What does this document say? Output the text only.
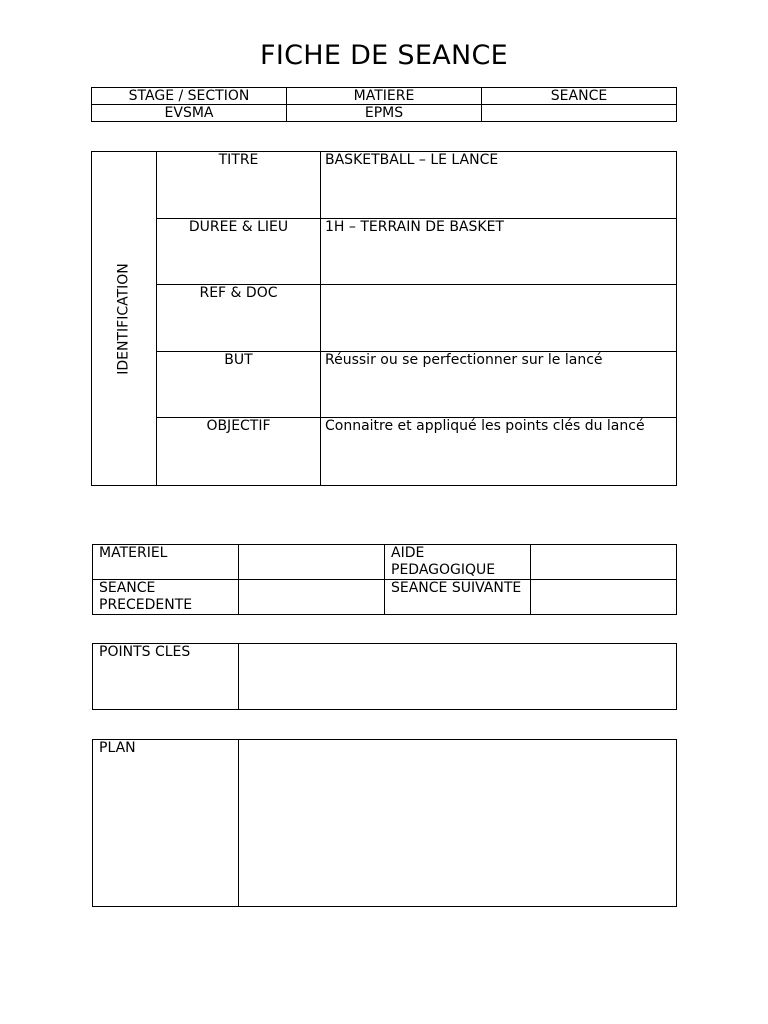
FICHE DE SEANCE
STAGE / SECTION	MATIERE	SEANCE
EVSMA	EPMS	
IDENTIFICATION	TITRE	BASKETBALL – LE LANCE
	DUREE & LIEU	1H – TERRAIN DE BASKET
	REF & DOC	
	BUT	Réussir ou se perfectionner sur le lancé
	OBJECTIF	Connaitre et appliqué les points clés du lancé
MATERIEL		AIDE PEDAGOGIQUE	
SEANCE PRECEDENTE		SEANCE SUIVANTE	
POINTS CLES	
PLAN	
